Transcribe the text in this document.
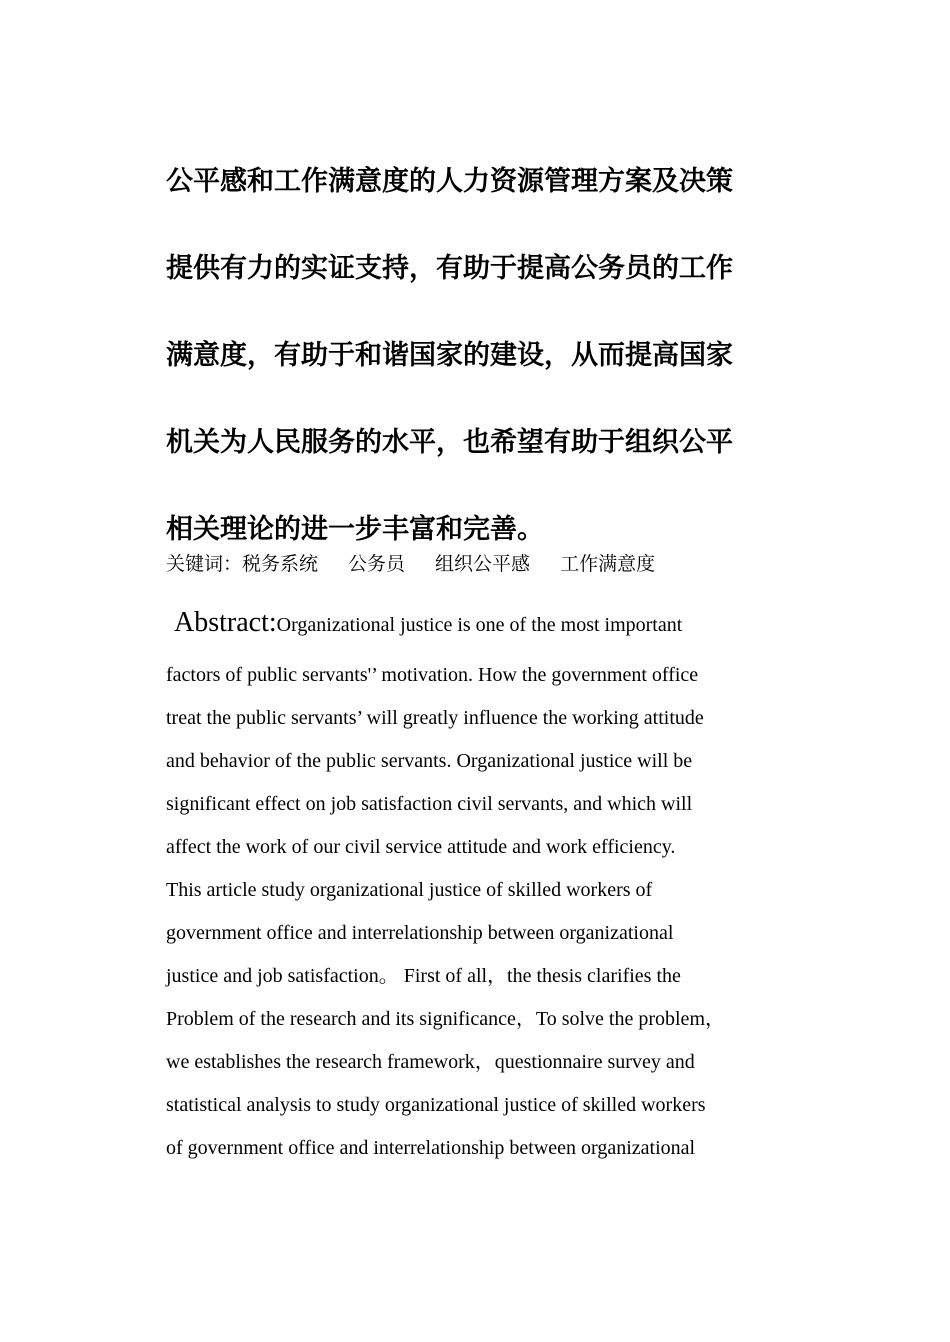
公平感和工作满意度的人力资源管理方案及决策
提供有力的实证支持，有助于提高公务员的工作
满意度，有助于和谐国家的建设，从而提高国家
机关为人民服务的水平，也希望有助于组织公平
相关理论的进一步丰富和完善。
关键词：税务系统 公务员 组织公平感 工作满意度
Abstract:Organizational justice is one of the most important
factors of public servants'’ motivation. How the government office
treat the public servants’ will greatly influence the working attitude
and behavior of the public servants. Organizational justice will be
significant effect on job satisfaction civil servants, and which will
affect the work of our civil service attitude and work efficiency.
This article study organizational justice of skilled workers of
government office and interrelationship between organizational
justice and job satisfaction。 First of all，the thesis clarifies the
Problem of the research and its significance，To solve the problem，
we establishes the research framework，questionnaire survey and
statistical analysis to study organizational justice of skilled workers
of government office and interrelationship between organizational
